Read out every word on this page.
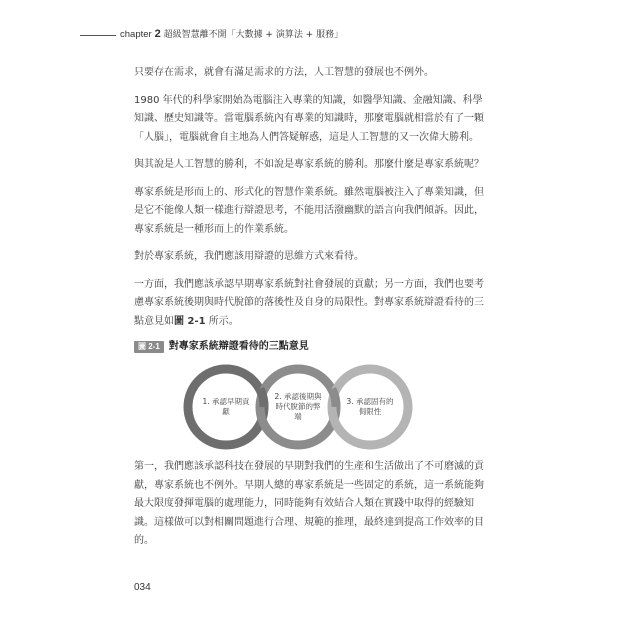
chapter 2 超級智慧離不開「大數據 + 演算法 + 服務」

只要存在需求，就會有滿足需求的方法，人工智慧的發展也不例外。

1980 年代的科學家開始為電腦注入專業的知識，如醫學知識、金融知識、科學知識、歷史知識等。當電腦系統內有專業的知識時，那麼電腦就相當於有了一顆「人腦」，電腦就會自主地為人們答疑解惑，這是人工智慧的又一次偉大勝利。

與其說是人工智慧的勝利，不如說是專家系統的勝利。那麼什麼是專家系統呢？

專家系統是形而上的、形式化的智慧作業系統。雖然電腦被注入了專業知識，但是它不能像人類一樣進行辯證思考，不能用活潑幽默的語言向我們傾訴。因此，專家系統是一種形而上的作業系統。

對於專家系統，我們應該用辯證的思維方式來看待。

一方面，我們應該承認早期專家系統對社會發展的貢獻；另一方面，我們也要考慮專家系統後期與時代脫節的落後性及自身的局限性。對專家系統辯證看待的三點意見如圖 2-1 所示。

圖 2-1 對專家系統辯證看待的三點意見
1. 承認早期貢獻
2. 承認後期與時代脫節的弊端
3. 承認固有的侷限性

第一，我們應該承認科技在發展的早期對我們的生產和生活做出了不可磨滅的貢獻，專家系統也不例外。早期人總的專家系統是一些固定的系統，這一系統能夠最大限度發揮電腦的處理能力，同時能夠有效結合人類在實踐中取得的經驗知識。這樣做可以對相關問題進行合理、規範的推理，最終達到提高工作效率的目的。

034
